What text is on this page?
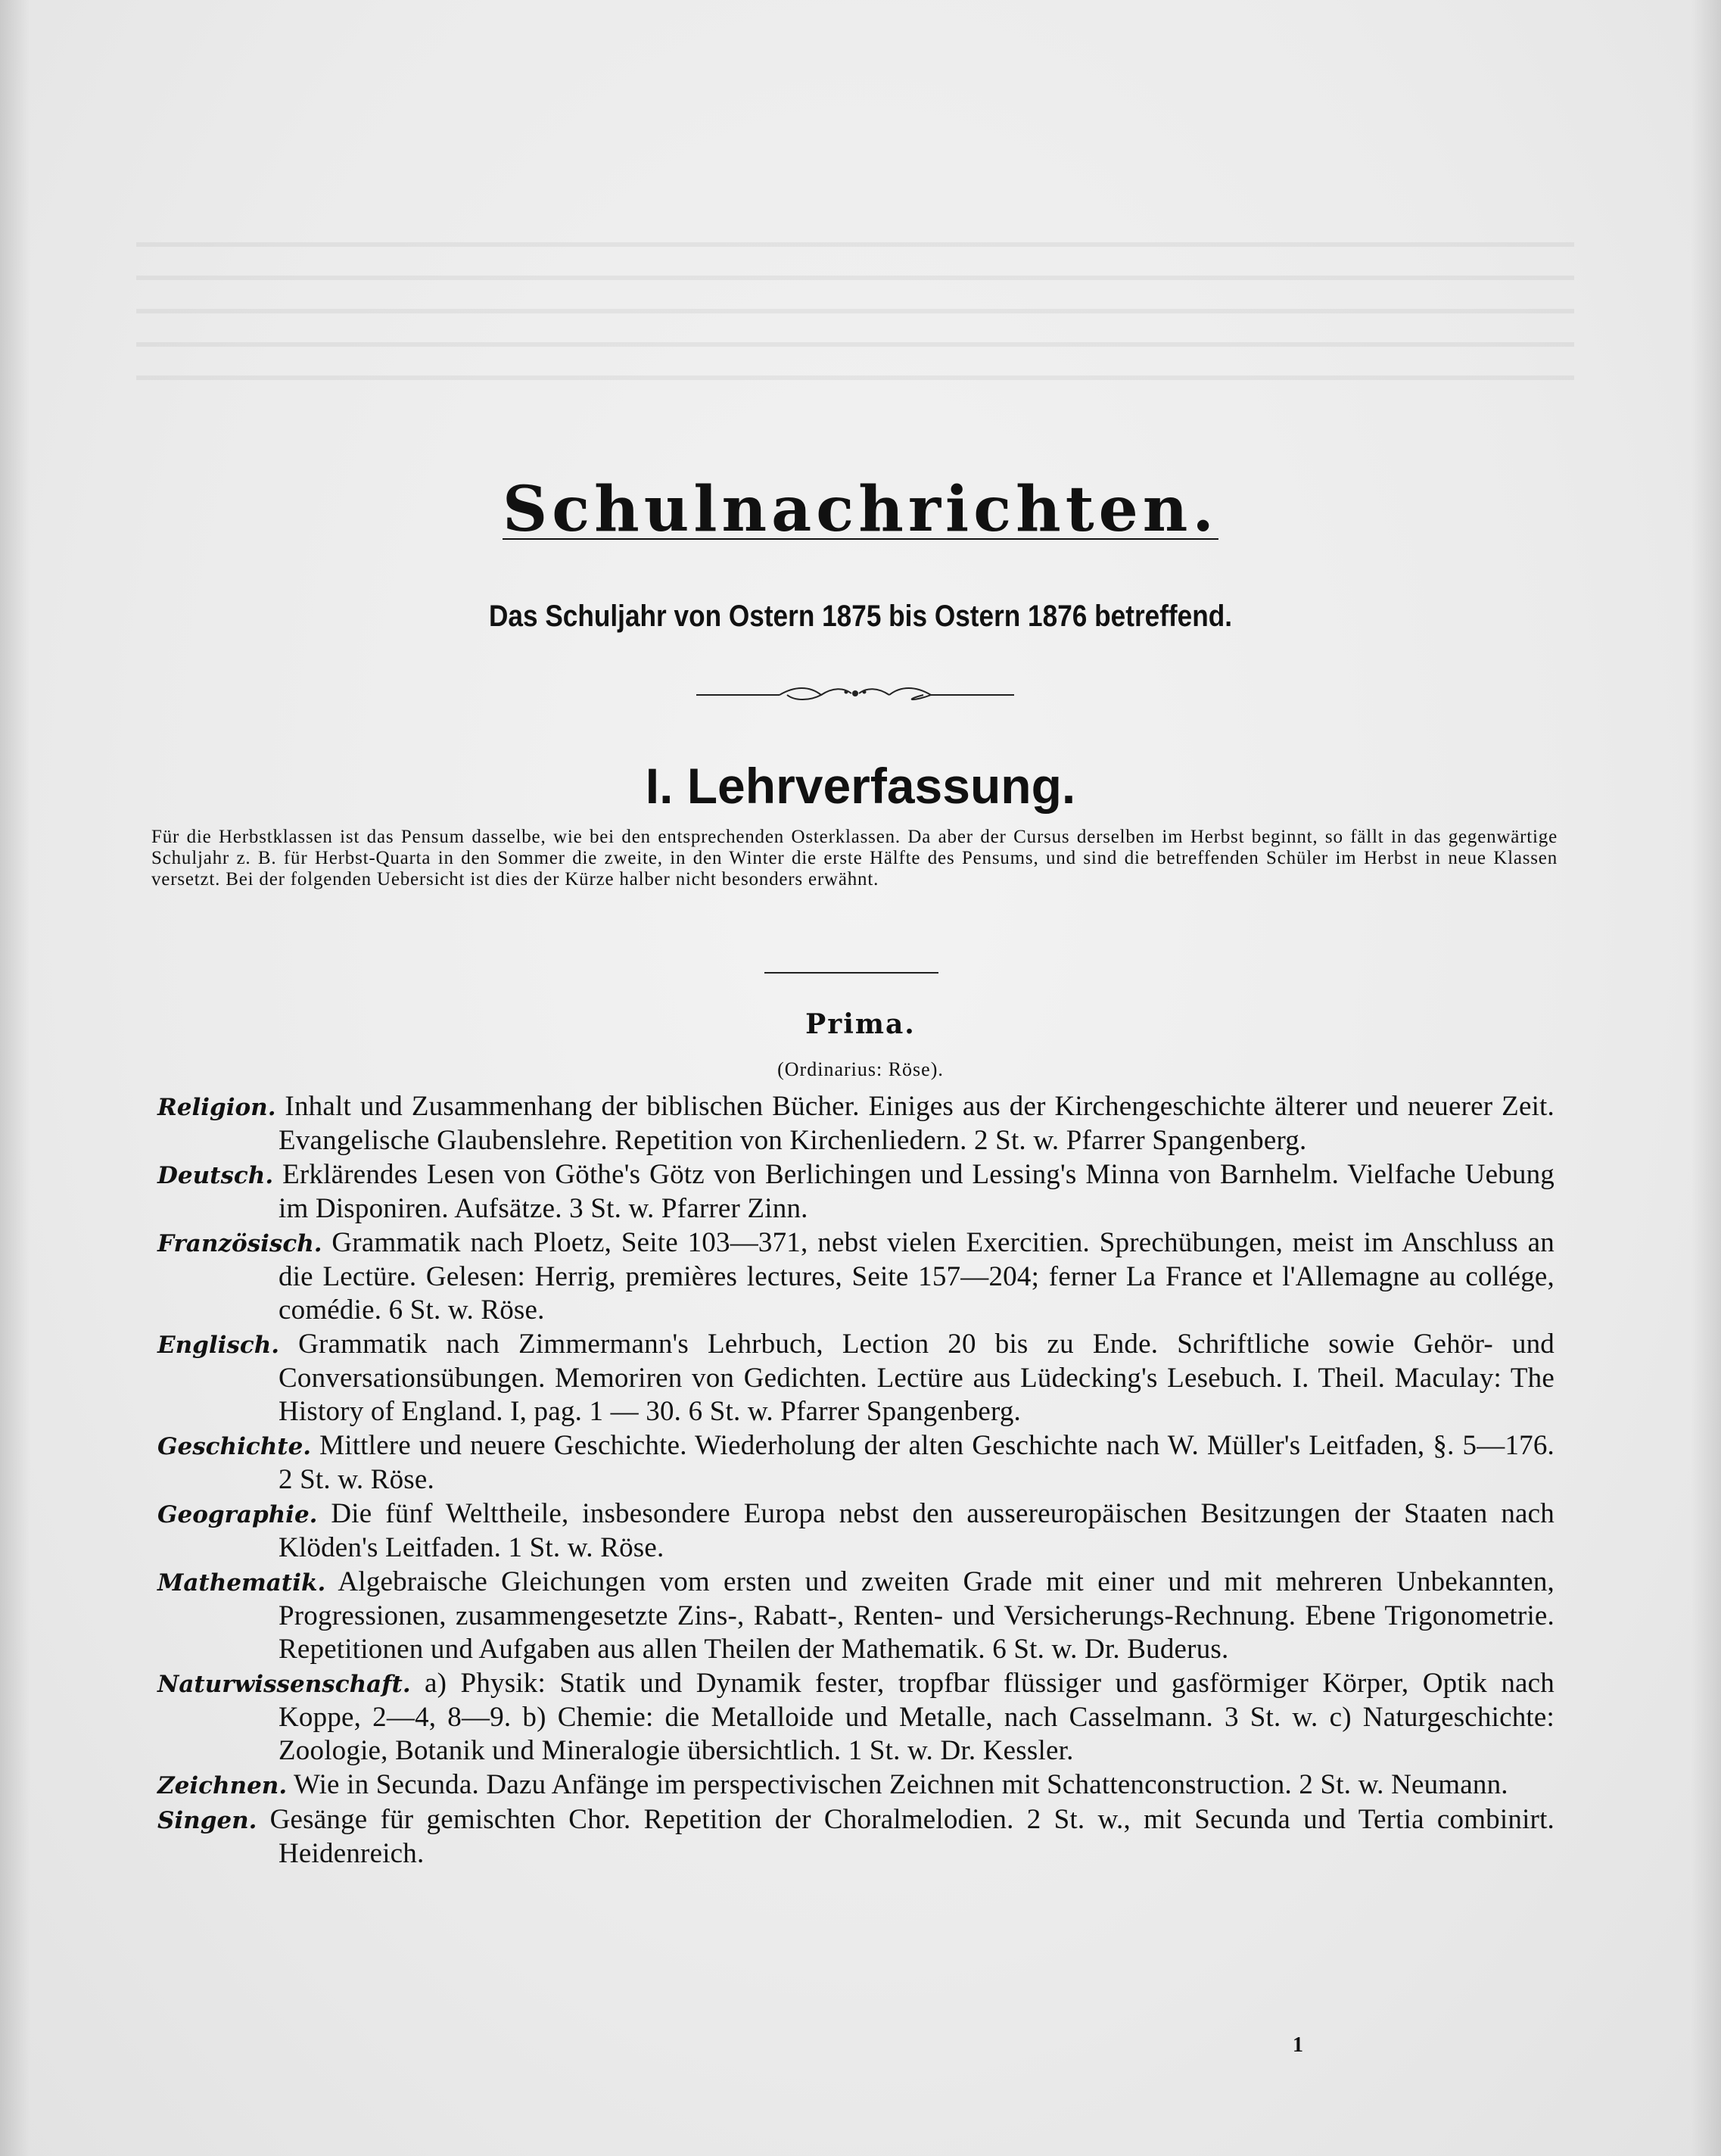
Schulnachrichten.
Das Schuljahr von Ostern 1875 bis Ostern 1876 betreffend.
I. Lehrverfassung.
Für die Herbstklassen ist das Pensum dasselbe, wie bei den entsprechenden Osterklassen. Da aber der Cursus derselben im Herbst beginnt, so fällt in das gegenwärtige Schuljahr z. B. für Herbst-Quarta in den Sommer die zweite, in den Winter die erste Hälfte des Pensums, und sind die betreffenden Schüler im Herbst in neue Klassen versetzt. Bei der folgenden Uebersicht ist dies der Kürze halber nicht besonders erwähnt.
Prima.
(Ordinarius: Röse).

Religion. Inhalt und Zusammenhang der biblischen Bücher. Einiges aus der Kirchengeschichte älterer und neuerer Zeit. Evangelische Glaubenslehre. Repetition von Kirchenliedern. 2 St. w. Pfarrer Spangenberg.

Deutsch. Erklärendes Lesen von Göthe's Götz von Berlichingen und Lessing's Minna von Barnhelm. Vielfache Uebung im Disponiren. Aufsätze. 3 St. w. Pfarrer Zinn.

Französisch. Grammatik nach Ploetz, Seite 103—371, nebst vielen Exercitien. Sprechübungen, meist im Anschluss an die Lectüre. Gelesen: Herrig, premières lectures, Seite 157—204; ferner La France et l'Allemagne au collége, comédie. 6 St. w. Röse.

Englisch. Grammatik nach Zimmermann's Lehrbuch, Lection 20 bis zu Ende. Schriftliche sowie Gehör- und Conversationsübungen. Memoriren von Gedichten. Lectüre aus Lüdecking's Lesebuch. I. Theil. Maculay: The History of England. I, pag. 1 — 30. 6 St. w. Pfarrer Spangenberg.

Geschichte. Mittlere und neuere Geschichte. Wiederholung der alten Geschichte nach W. Müller's Leitfaden, §. 5—176. 2 St. w. Röse.

Geographie. Die fünf Welttheile, insbesondere Europa nebst den aussereuropäischen Besitzungen der Staaten nach Klöden's Leitfaden. 1 St. w. Röse.

Mathematik. Algebraische Gleichungen vom ersten und zweiten Grade mit einer und mit mehreren Unbekannten, Progressionen, zusammengesetzte Zins-, Rabatt-, Renten- und Versicherungs-Rechnung. Ebene Trigonometrie. Repetitionen und Aufgaben aus allen Theilen der Mathematik. 6 St. w. Dr. Buderus.

Naturwissenschaft. a) Physik: Statik und Dynamik fester, tropfbar flüssiger und gasförmiger Körper, Optik nach Koppe, 2—4, 8—9. b) Chemie: die Metalloide und Metalle, nach Casselmann. 3 St. w. c) Naturgeschichte: Zoologie, Botanik und Mineralogie übersichtlich. 1 St. w. Dr. Kessler.

Zeichnen. Wie in Secunda. Dazu Anfänge im perspectivischen Zeichnen mit Schattenconstruction. 2 St. w. Neumann.

Singen. Gesänge für gemischten Chor. Repetition der Choralmelodien. 2 St. w., mit Secunda und Tertia combinirt. Heidenreich.

1
